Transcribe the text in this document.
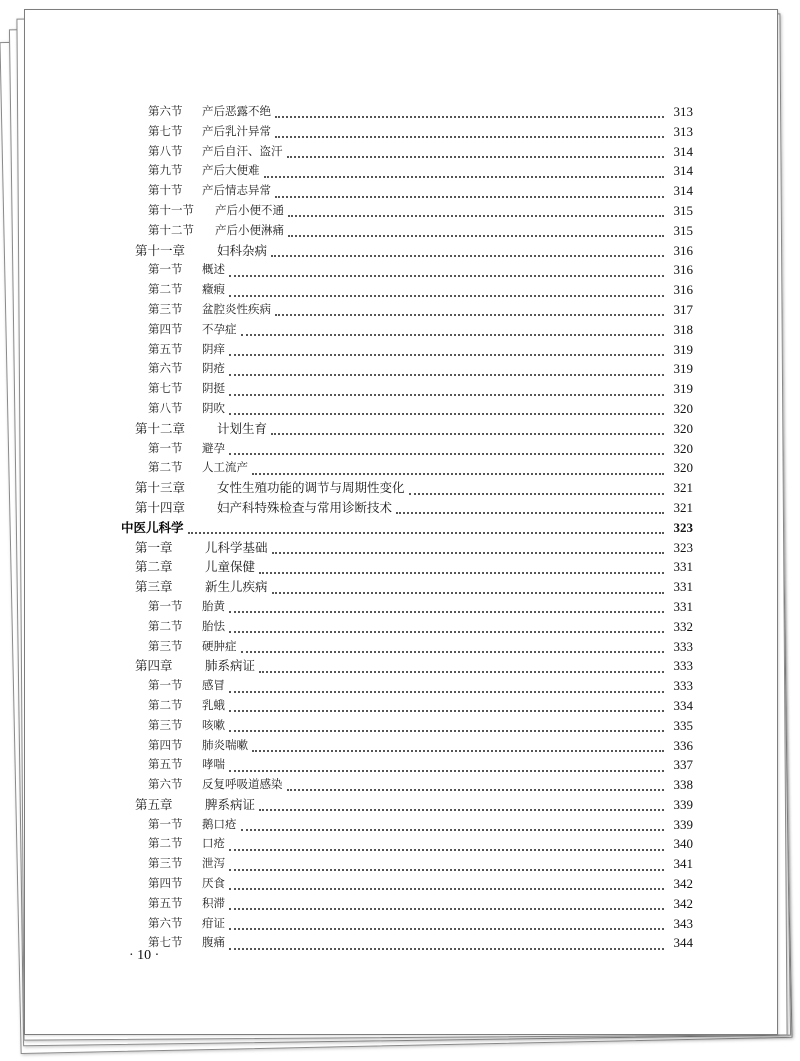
第六节	产后恶露不绝	313
第七节	产后乳汁异常	313
第八节	产后自汗、盗汗	314
第九节	产后大便难	314
第十节	产后情志异常	314
第十一节	产后小便不通	315
第十二节	产后小便淋痛	315
第十一章	妇科杂病	316
第一节	概述	316
第二节	癥瘕	316
第三节	盆腔炎性疾病	317
第四节	不孕症	318
第五节	阴痒	319
第六节	阴疮	319
第七节	阴挺	319
第八节	阴吹	320
第十二章	计划生育	320
第一节	避孕	320
第二节	人工流产	320
第十三章	女性生殖功能的调节与周期性变化	321
第十四章	妇产科特殊检查与常用诊断技术	321
中医儿科学	323
第一章	儿科学基础	323
第二章	儿童保健	331
第三章	新生儿疾病	331
第一节	胎黄	331
第二节	胎怯	332
第三节	硬肿症	333
第四章	肺系病证	333
第一节	感冒	333
第二节	乳蛾	334
第三节	咳嗽	335
第四节	肺炎喘嗽	336
第五节	哮喘	337
第六节	反复呼吸道感染	338
第五章	脾系病证	339
第一节	鹅口疮	339
第二节	口疮	340
第三节	泄泻	341
第四节	厌食	342
第五节	积滞	342
第六节	疳证	343
第七节	腹痛	344
· 10 ·
